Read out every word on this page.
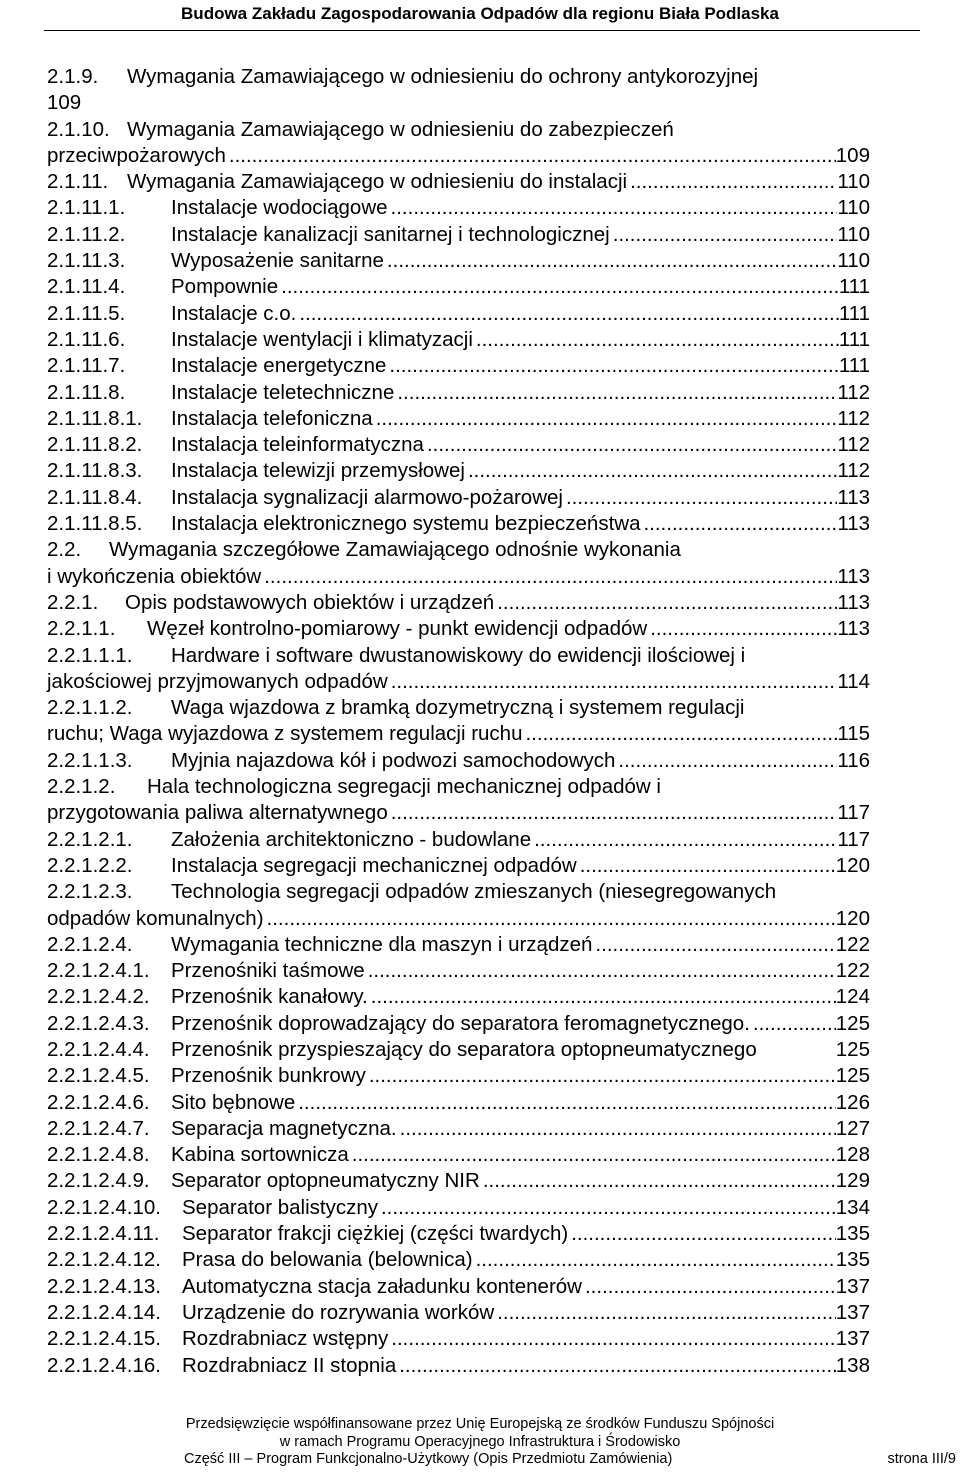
Budowa Zakładu Zagospodarowania Odpadów dla regionu Biała Podlaska
2.1.9.	Wymagania Zamawiającego w odniesieniu do ochrony antykorozyjnej
109
2.1.10. Wymagania Zamawiającego w odniesieniu do zabezpieczeń
przeciwpożarowych .....	109
2.1.11. Wymagania Zamawiającego w odniesieniu do instalacji .....	110
2.1.11.1. Instalacje wodociągowe .....	110
2.1.11.2. Instalacje kanalizacji sanitarnej i technologicznej .....	110
2.1.11.3. Wyposażenie sanitarne .....	110
2.1.11.4. Pompownie .....	111
2.1.11.5. Instalacje c.o. .....	111
2.1.11.6. Instalacje wentylacji i klimatyzacji .....	111
2.1.11.7. Instalacje energetyczne .....	111
2.1.11.8. Instalacje teletechniczne .....	112
2.1.11.8.1. Instalacja telefoniczna .....	112
2.1.11.8.2. Instalacja teleinformatyczna .....	112
2.1.11.8.3. Instalacja telewizji przemysłowej .....	112
2.1.11.8.4. Instalacja sygnalizacji alarmowo-pożarowej .....	113
2.1.11.8.5. Instalacja elektronicznego systemu bezpieczeństwa .....	113
2.2.	Wymagania szczegółowe Zamawiającego odnośnie wykonania
i wykończenia obiektów .....	113
2.2.1. Opis podstawowych obiektów i urządzeń .....	113
2.2.1.1. Węzeł kontrolno-pomiarowy - punkt ewidencji odpadów .....	113
2.2.1.1.1.	Hardware i software dwustanowiskowy do ewidencji ilościowej i
jakościowej przyjmowanych odpadów .....	114
2.2.1.1.2.	Waga wjazdowa z bramką dozymetryczną i systemem regulacji
ruchu; Waga wyjazdowa z systemem regulacji ruchu .....	115
2.2.1.1.3. Myjnia najazdowa kół i podwozi samochodowych .....	116
2.2.1.2.	Hala technologiczna segregacji mechanicznej odpadów i
przygotowania paliwa alternatywnego .....	117
2.2.1.2.1. Założenia architektoniczno - budowlane .....	117
2.2.1.2.2. Instalacja segregacji mechanicznej odpadów .....	120
2.2.1.2.3.	Technologia segregacji odpadów zmieszanych (niesegregowanych
odpadów komunalnych) .....	120
2.2.1.2.4. Wymagania techniczne dla maszyn i urządzeń .....	122
2.2.1.2.4.1. Przenośniki taśmowe .....	122
2.2.1.2.4.2. Przenośnik kanałowy. .....	124
2.2.1.2.4.3. Przenośnik doprowadzający do separatora feromagnetycznego. .....	125
2.2.1.2.4.4. Przenośnik przyspieszający do separatora optopneumatycznego	125
2.2.1.2.4.5. Przenośnik bunkrowy .....	125
2.2.1.2.4.6. Sito bębnowe .....	126
2.2.1.2.4.7. Separacja magnetyczna. .....	127
2.2.1.2.4.8. Kabina sortownicza .....	128
2.2.1.2.4.9. Separator optopneumatyczny NIR .....	129
2.2.1.2.4.10. Separator balistyczny .....	134
2.2.1.2.4.11. Separator frakcji ciężkiej (części twardych) .....	135
2.2.1.2.4.12. Prasa do belowania (belownica) .....	135
2.2.1.2.4.13. Automatyczna stacja załadunku kontenerów .....	137
2.2.1.2.4.14. Urządzenie do rozrywania worków .....	137
2.2.1.2.4.15. Rozdrabniacz wstępny .....	137
2.2.1.2.4.16. Rozdrabniacz II stopnia .....	138
Przedsięwzięcie współfinansowane przez Unię Europejską ze środków Funduszu Spójności
w ramach Programu Operacyjnego Infrastruktura i Środowisko
Część III – Program Funkcjonalno-Użytkowy (Opis Przedmiotu Zamówienia)	strona III/9
